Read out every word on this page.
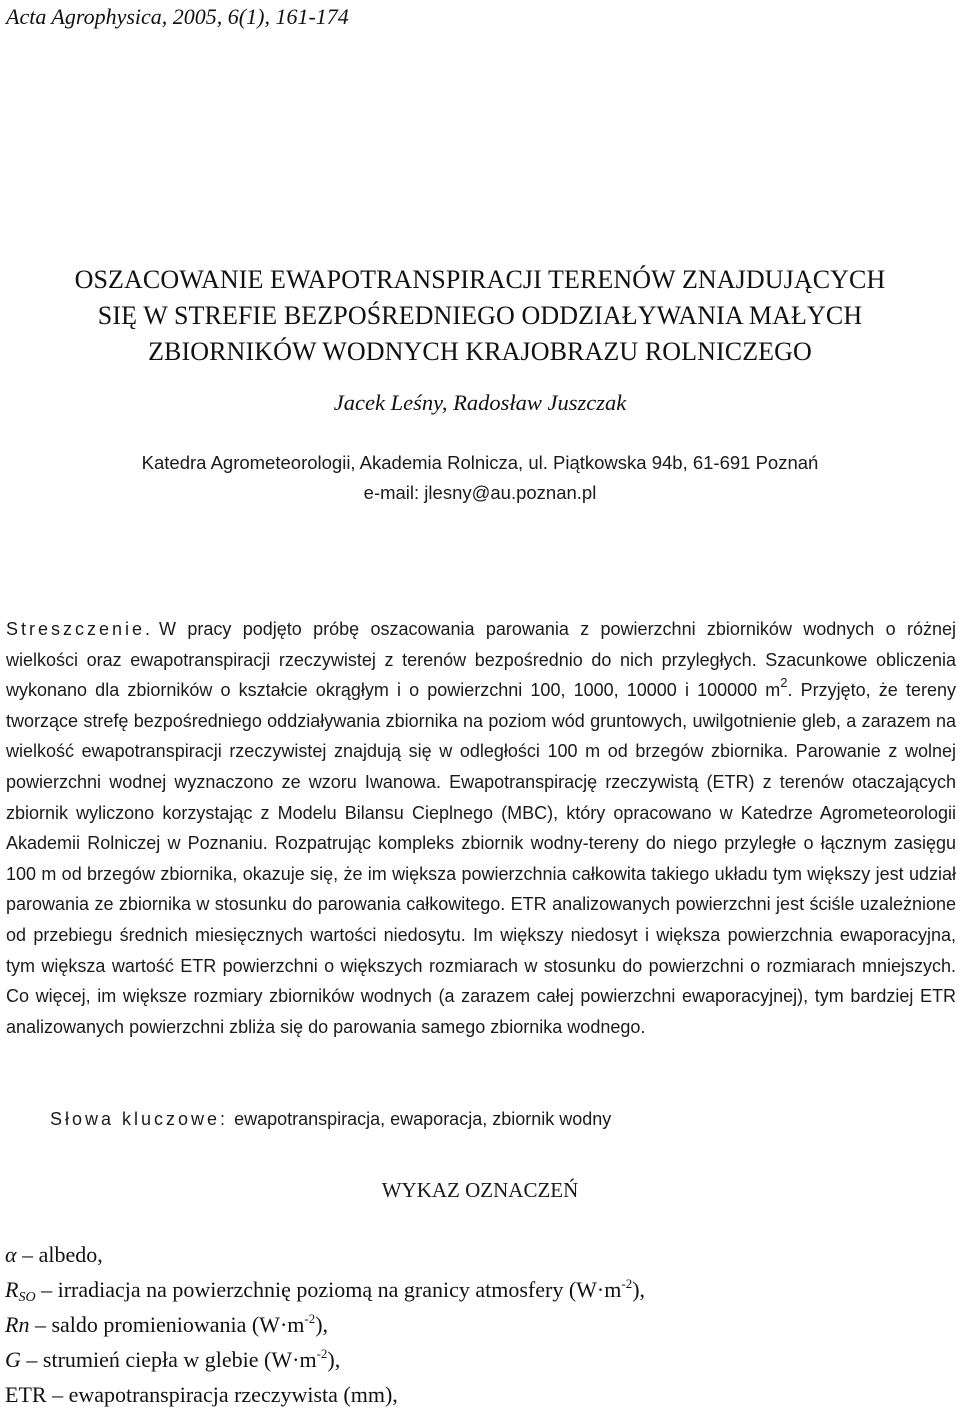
Acta Agrophysica, 2005, 6(1), 161-174
OSZACOWANIE EWAPOTRANSPIRACJI TERENÓW ZNAJDUJĄCYCH
SIĘ W STREFIE BEZPOŚREDNIEGO ODDZIAŁYWANIA MAŁYCH
ZBIORNIKÓW WODNYCH KRAJOBRAZU ROLNICZEGO
Jacek Leśny, Radosław Juszczak
Katedra Agrometeorologii, Akademia Rolnicza, ul. Piątkowska 94b, 61-691 Poznań
e-mail: jlesny@au.poznan.pl
Streszczenie. W pracy podjęto próbę oszacowania parowania z powierzchni zbiorników wodnych o różnej wielkości oraz ewapotranspiracji rzeczywistej z terenów bezpośrednio do nich przyległych. Szacunkowe obliczenia wykonano dla zbiorników o kształcie okrągłym i o powierzchni 100, 1000, 10000 i 100000 $m^2$. Przyjęto, że tereny tworzące strefę bezpośredniego oddziaływania zbiornika na poziom wód gruntowych, uwilgotnienie gleb, a zarazem na wielkość ewapotranspiracji rzeczywistej znajdują się w odległości 100 m od brzegów zbiornika. Parowanie z wolnej powierzchni wodnej wyznaczono ze wzoru Iwanowa. Ewapotranspirację rzeczywistą (ETR) z terenów otaczających zbiornik wyliczono korzystając z Modelu Bilansu Cieplnego (MBC), który opracowano w Katedrze Agrometeorologii Akademii Rolniczej w Poznaniu. Rozpatrując kompleks zbiornik wodny-tereny do niego przyległe o łącznym zasięgu 100 m od brzegów zbiornika, okazuje się, że im większa powierzchnia całkowita takiego układu tym większy jest udział parowania ze zbiornika w stosunku do parowania całkowitego. ETR analizowanych powierzchni jest ściśle uzależnione od przebiegu średnich miesięcznych wartości niedosytu. Im większy niedosyt i większa powierzchnia ewaporacyjna, tym większa wartość ETR powierzchni o większych rozmiarach w stosunku do powierzchni o rozmiarach mniejszych. Co więcej, im większe rozmiary zbiorników wodnych (a zarazem całej powierzchni ewaporacyjnej), tym bardziej ETR analizowanych powierzchni zbliża się do parowania samego zbiornika wodnego.
Słowa kluczowe: ewapotranspiracja, ewaporacja, zbiornik wodny
WYKAZ OZNACZEŃ
α – albedo,
$R_{SO}$ – irradiacja na powierzchnię poziomą na granicy atmosfery $(W\cdot m^{-2})$,
Rn – saldo promieniowania $(W\cdot m^{-2})$,
G – strumień ciepła w glebie $(W\cdot m^{-2})$,
ETR – ewapotranspiracja rzeczywista (mm),
